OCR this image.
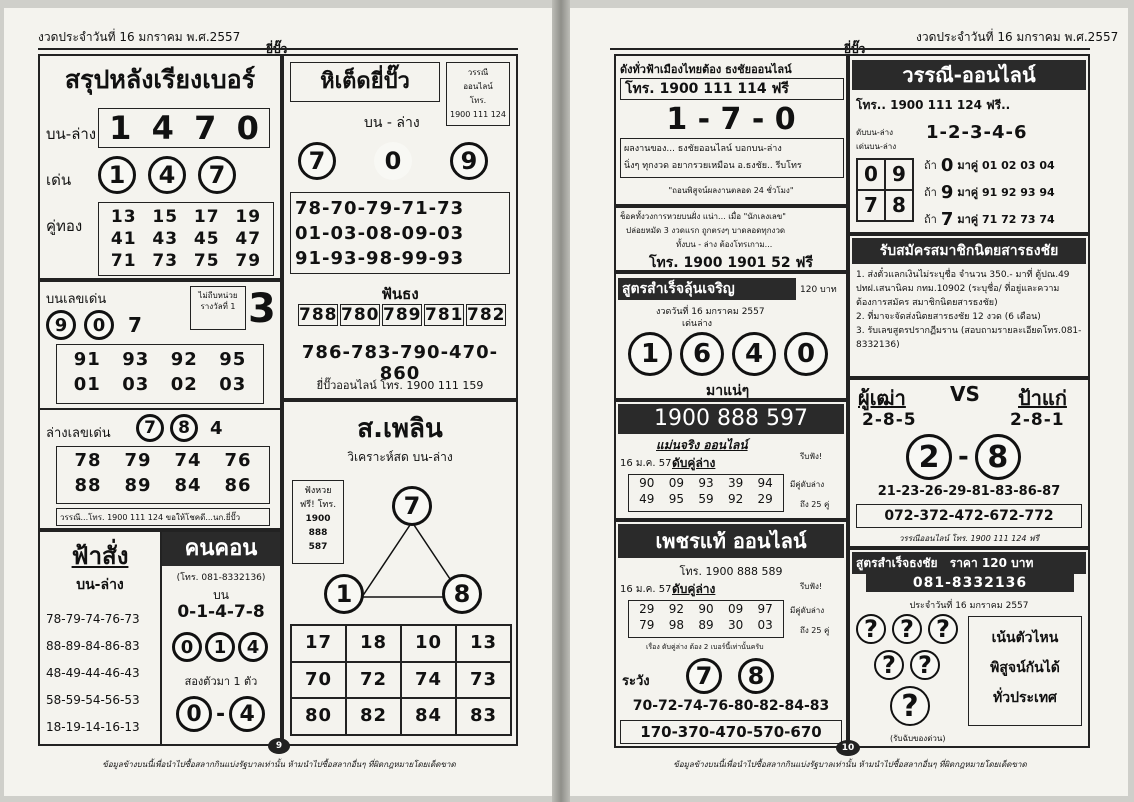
งวดประจำวันที่ 16 มกราคม พ.ศ.2557
ยี่ปั๊ว
สรุปหลังเรียงเบอร์
บน-ล่าง 1 4 7 0
เด่น	1	4	7
คู่ทอง	13 15 17 19
41 43 45 47
71 73 75 79
บนเลขเด่น
9	0	7
ไม่ถีบหน่วยรางวัลที่ 1 3
91	93	92	95
01	03	02	03
ล่างเลขเด่น	7	8	4
78	79	74	76
88	89	84	86
วรรณี...โทร. 1900 111 124 ขอให้โชคดี...นก.ยี่ปั๊ว
ฟ้าสั่ง
บน-ล่าง
78-79-74-76-73
88-89-84-86-83
48-49-44-46-43
58-59-54-56-53
18-19-14-16-13
คนคอน
(โทร. 081-8332136)
บน
0-1-4-7-8
0	1	4
สองตัวมา 1 ตัว
0 - 4
หิเต็ดยี่ปั๊ว	วรรณี
ออนไลน์
โทร.
1900 111 124
บน - ล่าง
7	0	9
78-70-79-71-73
01-03-08-09-03
91-93-98-99-93
ฟันธง
788 780 789 781 782
786-783-790-470-860
ยี่ปั๊วออนไลน์ โทร. 1900 111 159
ส.เพลิน
วิเคราะห์สด บน-ล่าง
ฟังหวย
ฟรี! โทร.
1900
888
587
7
1	8
17	18	10	13
70	72	74	73
80	82	84	83
9
ข้อมูลข้างบนนี้เพื่อนำไปซื้อสลากกินแบ่งรัฐบาลเท่านั้น ห้ามนำไปซื้อสลากอื่นๆ ที่ผิดกฎหมายโดยเด็ดขาด
ยี่ปั๊ว
งวดประจำวันที่ 16 มกราคม พ.ศ.2557
ดังทั่วฟ้าเมืองไทยต้อง ธงชัยออนไลน์
โทร. 1900 111 114 ฟรี
1 - 7 - 0
ผลงานของ... ธงชัยออนไลน์ บอกบน-ล่าง
นิ่งๆ ทุกงวด อยากรวยเหมือน อ.ธงชัย.. รีบโทร
"ถอนพิสูจน์ผลงานตลอด 24 ชั่วโมง"
ช็อคทั้งวงการหวยบนฝั่ง แน่า... เมื่อ "นักเลงเลข"
ปล่อยหมัด 3 งวดแรก ถูกตรงๆ บาดลอดทุกงวด
ทั้งบน - ล่าง ต้องโทรเกาม...
โทร. 1900 1901 52 ฟรี
สูตรสำเร็จลุ้นเจริญ	120 บาท
งวดวันที่ 16 มกราคม 2557
เด่นล่าง
1	6	4	0
มาแน่ๆ
1900 888 597
แม่นจริง ออนไลน์
16 ม.ค. 57 ดับคู่ล่าง	รีบฟัง!
90	09	93	39	94
49	95	59	92	29
มีคู่ดับล่าง
ถึง 25 คู่
เพชรแท้ ออนไลน์
โทร. 1900 888 589
16 ม.ค. 57 ดับคู่ล่าง	รีบฟัง!
29	92	90	09	97
79	98	89	30	03
มีคู่ดับล่าง
ถึง 25 คู่
เรื่อง ดับคู่ล่าง ต้อง 2 เบอร์นี้เท่านั้นครับ
ระวัง	7	8
70-72-74-76-80-82-84-83
170-370-470-570-670
วรรณี-ออนไลน์
โทร.. 1900 111 124 ฟรี..
ดับบน-ล่าง
เด่นบน-ล่าง
1-2-3-4-6
0 9
7 8
ถ้า 0 มาคู่ 01 02 03 04
ถ้า 9 มาคู่ 91 92 93 94
ถ้า 7 มาคู่ 71 72 73 74
รับสมัครสมาชิกนิตยสารธงชัย
1. ส่งตั๋วแลกเงินไม่ระบุชื่อ จำนวน 350.- มาที่ ตู้ปณ.49 ปทฝ.เสนานิคม กทม.10902 (ระบุชื่อ/ ที่อยู่และความต้องการสมัคร สมาชิกนิตยสารธงชัย)
2. ที่มาจะจัดส่งนิตยสารธงชัย 12 งวด (6 เดือน)
3. รับเลขสูตรปรากฏีมราน (สอบถามรายละเอียดโทร.081-8332136)
ผู้เฒ่า VS ป้าแก่
2-8-5	2-8-1
2 - 8
21-23-26-29-81-83-86-87
072-372-472-672-772
วรรณีออนไลน์ โทร. 1900 111 124 ฟรี
สูตรสำเร็จธงชัย ราคา 120 บาท
081-8332136
ประจำวันที่ 16 มกราคม 2557
? ? ?
? ?
?
เน้นตัวไหน
พิสูจน์กันได้
ทั่วประเทศ
(รับฉับของด่วน)
10
ข้อมูลข้างบนนี้เพื่อนำไปซื้อสลากกินแบ่งรัฐบาลเท่านั้น ห้ามนำไปซื้อสลากอื่นๆ ที่ผิดกฎหมายโดยเด็ดขาด
